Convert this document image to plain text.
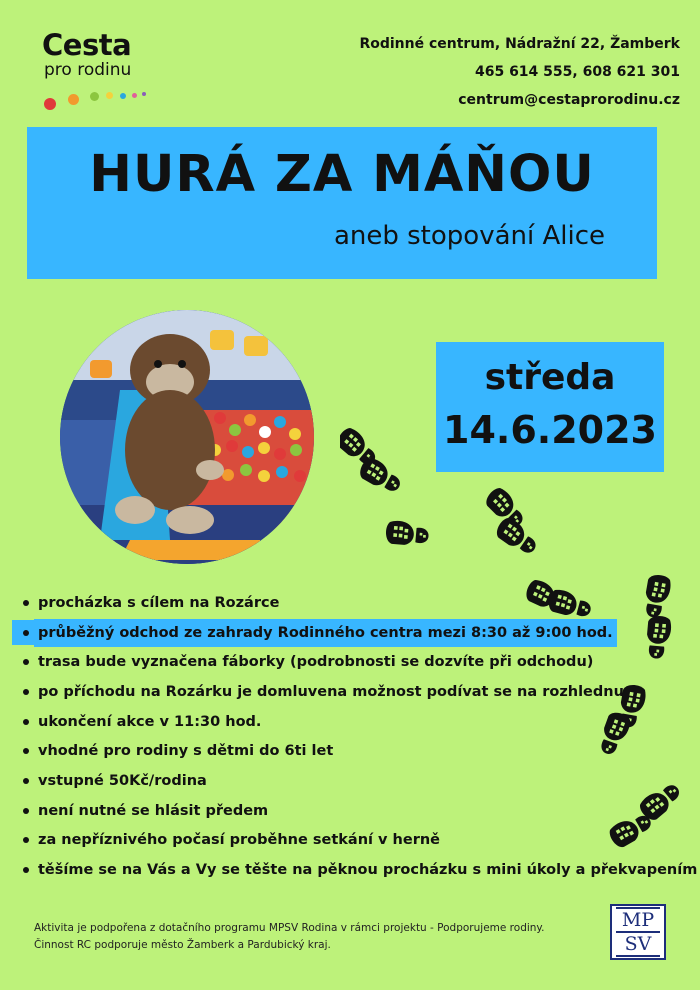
Cesta
pro rodinu
Rodinné centrum, Nádražní 22, Žamberk
465 614 555, 608 621 301
centrum@cestaprorodinu.cz
HURÁ ZA MÁŇOU
aneb stopování Alice
středa
14.6.2023
procházka s cílem na Rozárce
průběžný odchod ze zahrady Rodinného centra mezi 8:30 až 9:00 hod.
trasa bude vyznačena fáborky (podrobnosti se dozvíte při odchodu)
po příchodu na Rozárku je domluvena možnost podívat se na rozhlednu
ukončení akce v 11:30 hod.
vhodné pro rodiny s dětmi do 6ti let
vstupné 50Kč/rodina
není nutné se hlásit předem
za nepříznivého počasí proběhne setkání v herně
těšíme se na Vás a Vy se těšte na pěknou procházku s mini úkoly a překvapením
Aktivita je podpořena z dotačního programu MPSV Rodina v rámci projektu - Podporujeme rodiny.
Činnost RC podporuje město Žamberk a Pardubický kraj.
MP
SV
